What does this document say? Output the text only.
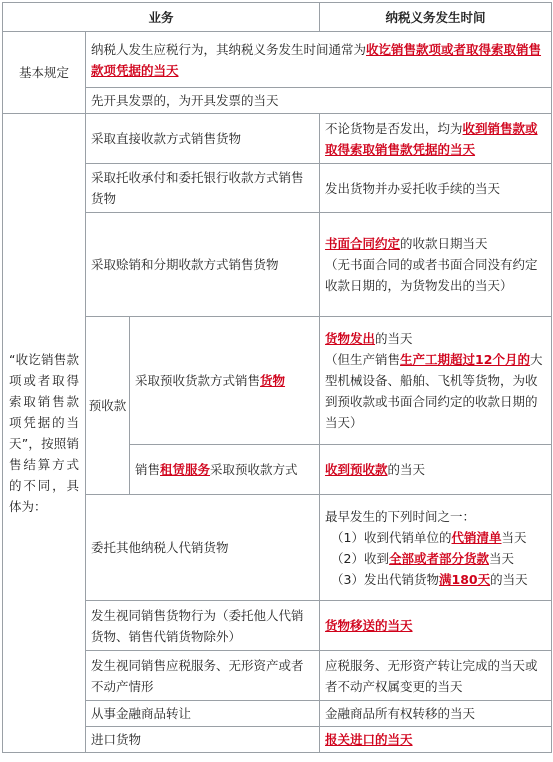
业务			纳税义务发生时间
基本规定	纳税人发生应税行为，其纳税义务发生时间通常为收讫销售款项或者取得索取销售款项凭据的当天		
	先开具发票的，为开具发票的当天		
“收讫销售款项或者取得索取销售款项凭据的当天”，按照销售结算方式的不同，具体为：	采取直接收款方式销售货物		不论货物是否发出，均为收到销售款或取得索取销售款凭据的当天
	采取托收承付和委托银行收款方式销售货物		发出货物并办妥托收手续的当天
	采取赊销和分期收款方式销售货物		书面合同约定的收款日期当天
（无书面合同的或者书面合同没有约定收款日期的，为货物发出的当天）

	预收款	采取预收货款方式销售货物	货物发出的当天
（但生产销售生产工期超过12个月的大型机械设备、船舶、飞机等货物，为收到预收款或书面合同约定的收款日期的当天）

		销售租赁服务采取预收款方式	收到预收款的当天
	委托其他纳税人代销货物		最早发生的下列时间之一：
（1）收到代销单位的代销清单当天
（2）收到全部或者部分货款当天
（3）发出代销货物满180天的当天

	发生视同销售货物行为（委托他人代销货物、销售代销货物除外）		货物移送的当天
	发生视同销售应税服务、无形资产或者不动产情形		应税服务、无形资产转让完成的当天或者不动产权属变更的当天
	从事金融商品转让		金融商品所有权转移的当天
	进口货物		报关进口的当天
